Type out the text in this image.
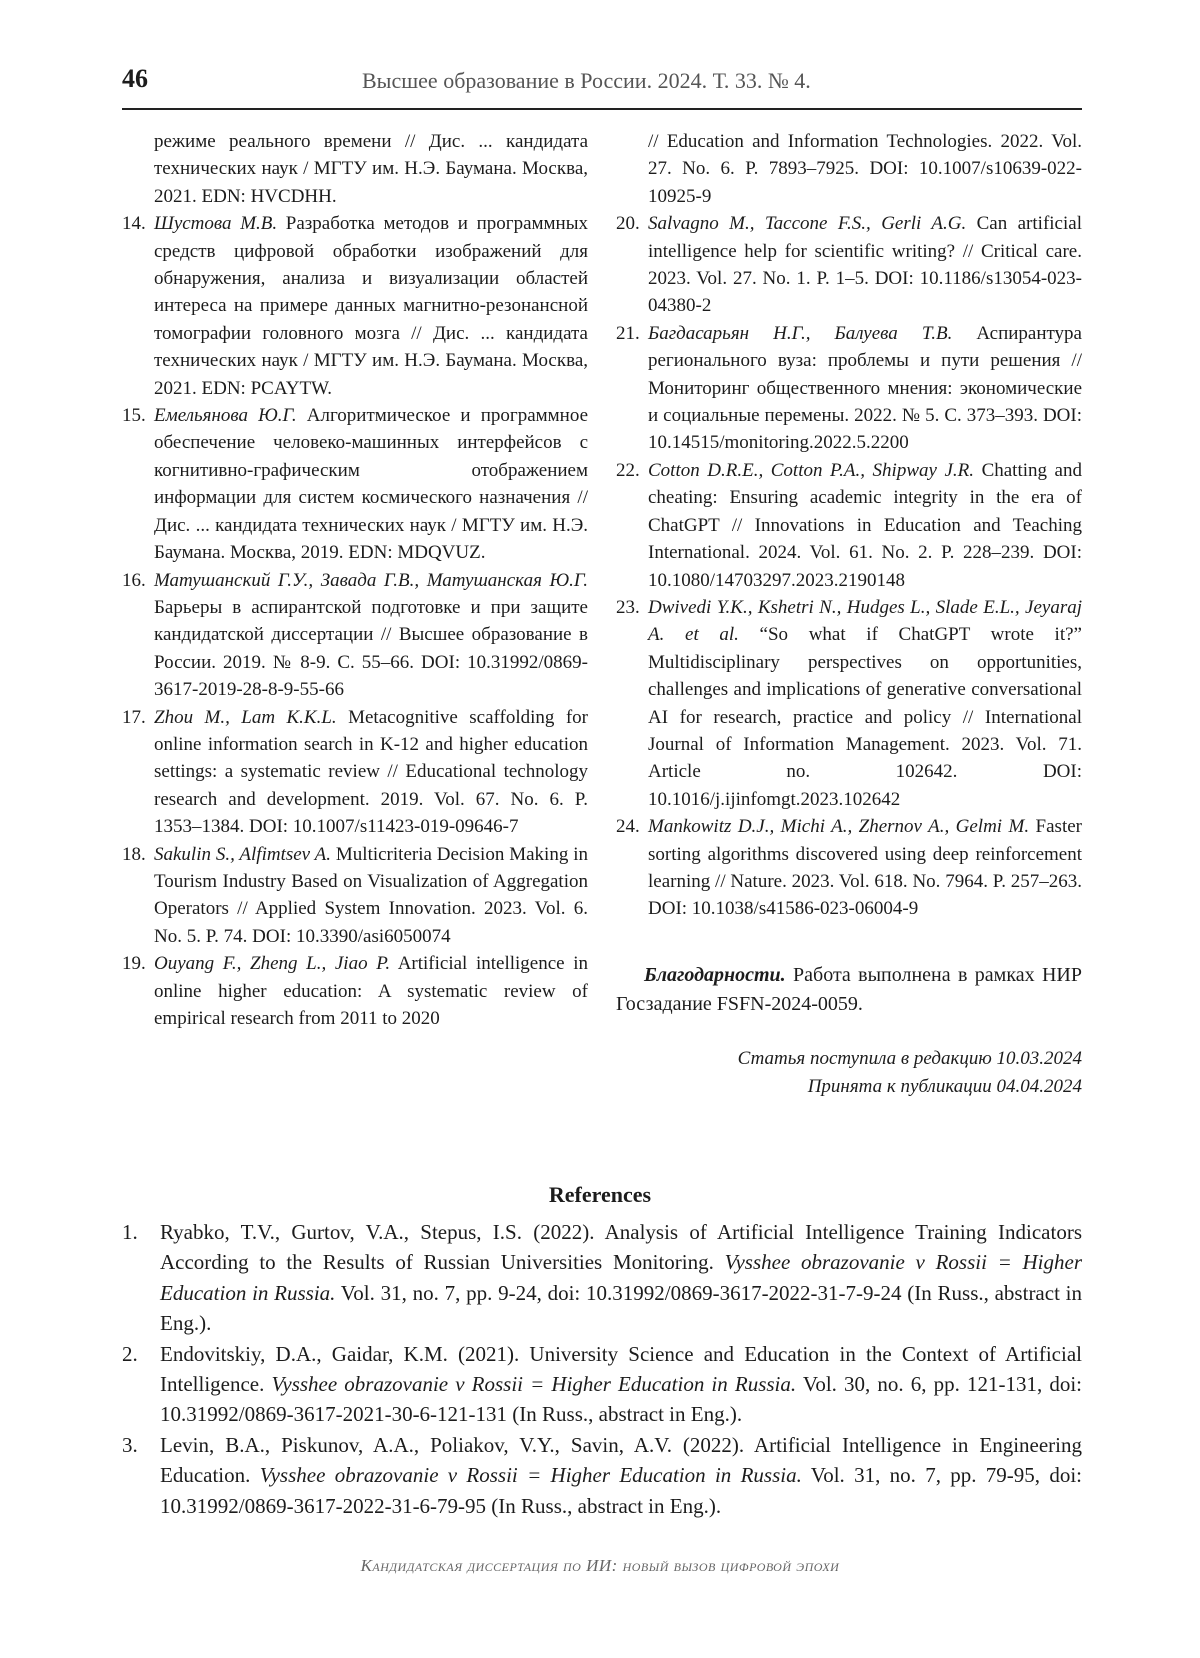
46	Высшее образование в России. 2024. Т. 33. № 4.
режиме реального времени // Дис. ... кандидата технических наук / МГТУ им. Н.Э. Баумана. Москва, 2021. EDN: HVCDHH.
14. Шустова М.В. Разработка методов и программных средств цифровой обработки изображений для обнаружения, анализа и визуализации областей интереса на примере данных магнитно-резонансной томографии головного мозга // Дис. ... кандидата технических наук / МГТУ им. Н.Э. Баумана. Москва, 2021. EDN: PCAYTW.
15. Емельянова Ю.Г. Алгоритмическое и программное обеспечение человеко-машинных интерфейсов с когнитивно-графическим отображением информации для систем космического назначения // Дис. ... кандидата технических наук / МГТУ им. Н.Э. Баумана. Москва, 2019. EDN: MDQVUZ.
16. Матушанский Г.У., Завада Г.В., Матушанская Ю.Г. Барьеры в аспирантской подготовке и при защите кандидатской диссертации // Высшее образование в России. 2019. № 8-9. С. 55–66. DOI: 10.31992/0869-3617-2019-28-8-9-55-66
17. Zhou M., Lam K.K.L. Metacognitive scaffolding for online information search in K-12 and higher education settings: a systematic review // Educational technology research and development. 2019. Vol. 67. No. 6. P. 1353–1384. DOI: 10.1007/s11423-019-09646-7
18. Sakulin S., Alfimtsev A. Multicriteria Decision Making in Tourism Industry Based on Visualization of Aggregation Operators // Applied System Innovation. 2023. Vol. 6. No. 5. P. 74. DOI: 10.3390/asi6050074
19. Ouyang F., Zheng L., Jiao P. Artificial intelligence in online higher education: A systematic review of empirical research from 2011 to 2020
// Education and Information Technologies. 2022. Vol. 27. No. 6. P. 7893–7925. DOI: 10.1007/s10639-022-10925-9
20. Salvagno M., Taccone F.S., Gerli A.G. Can artificial intelligence help for scientific writing? // Critical care. 2023. Vol. 27. No. 1. P. 1–5. DOI: 10.1186/s13054-023-04380-2
21. Багдасарьян Н.Г., Балуева Т.В. Аспирантура регионального вуза: проблемы и пути решения // Мониторинг общественного мнения: экономические и социальные перемены. 2022. № 5. С. 373–393. DOI: 10.14515/monitoring.2022.5.2200
22. Cotton D.R.E., Cotton P.A., Shipway J.R. Chatting and cheating: Ensuring academic integrity in the era of ChatGPT // Innovations in Education and Teaching International. 2024. Vol. 61. No. 2. P. 228–239. DOI: 10.1080/14703297.2023.2190148
23. Dwivedi Y.K., Kshetri N., Hudges L., Slade E.L., Jeyaraj A. et al. “So what if ChatGPT wrote it?” Multidisciplinary perspectives on opportunities, challenges and implications of generative conversational AI for research, practice and policy // International Journal of Information Management. 2023. Vol. 71. Article no. 102642. DOI: 10.1016/j.ijinfomgt.2023.102642
24. Mankowitz D.J., Michi A., Zhernov A., Gelmi M. Faster sorting algorithms discovered using deep reinforcement learning // Nature. 2023. Vol. 618. No. 7964. P. 257–263. DOI: 10.1038/s41586-023-06004-9
Благодарности. Работа выполнена в рамках НИР Госзадание FSFN-2024-0059.
Статья поступила в редакцию 10.03.2024
Принята к публикации 04.04.2024
References
1.	Ryabko, T.V., Gurtov, V.A., Stepus, I.S. (2022). Analysis of Artificial Intelligence Training Indicators According to the Results of Russian Universities Monitoring. Vysshee obrazovanie v Rossii = Higher Education in Russia. Vol. 31, no. 7, pp. 9-24, doi: 10.31992/0869-3617-2022-31-7-9-24 (In Russ., abstract in Eng.).
2.	Endovitskiy, D.A., Gaidar, K.M. (2021). University Science and Education in the Context of Artificial Intelligence. Vysshee obrazovanie v Rossii = Higher Education in Russia. Vol. 30, no. 6, pp. 121-131, doi: 10.31992/0869-3617-2021-30-6-121-131 (In Russ., abstract in Eng.).
3.	Levin, B.A., Piskunov, A.A., Poliakov, V.Y., Savin, A.V. (2022). Artificial Intelligence in Engineering Education. Vysshee obrazovanie v Rossii = Higher Education in Russia. Vol. 31, no. 7, pp. 79-95, doi: 10.31992/0869-3617-2022-31-6-79-95 (In Russ., abstract in Eng.).
Кандидатская диссертация по ИИ: новый вызов цифровой эпохи
